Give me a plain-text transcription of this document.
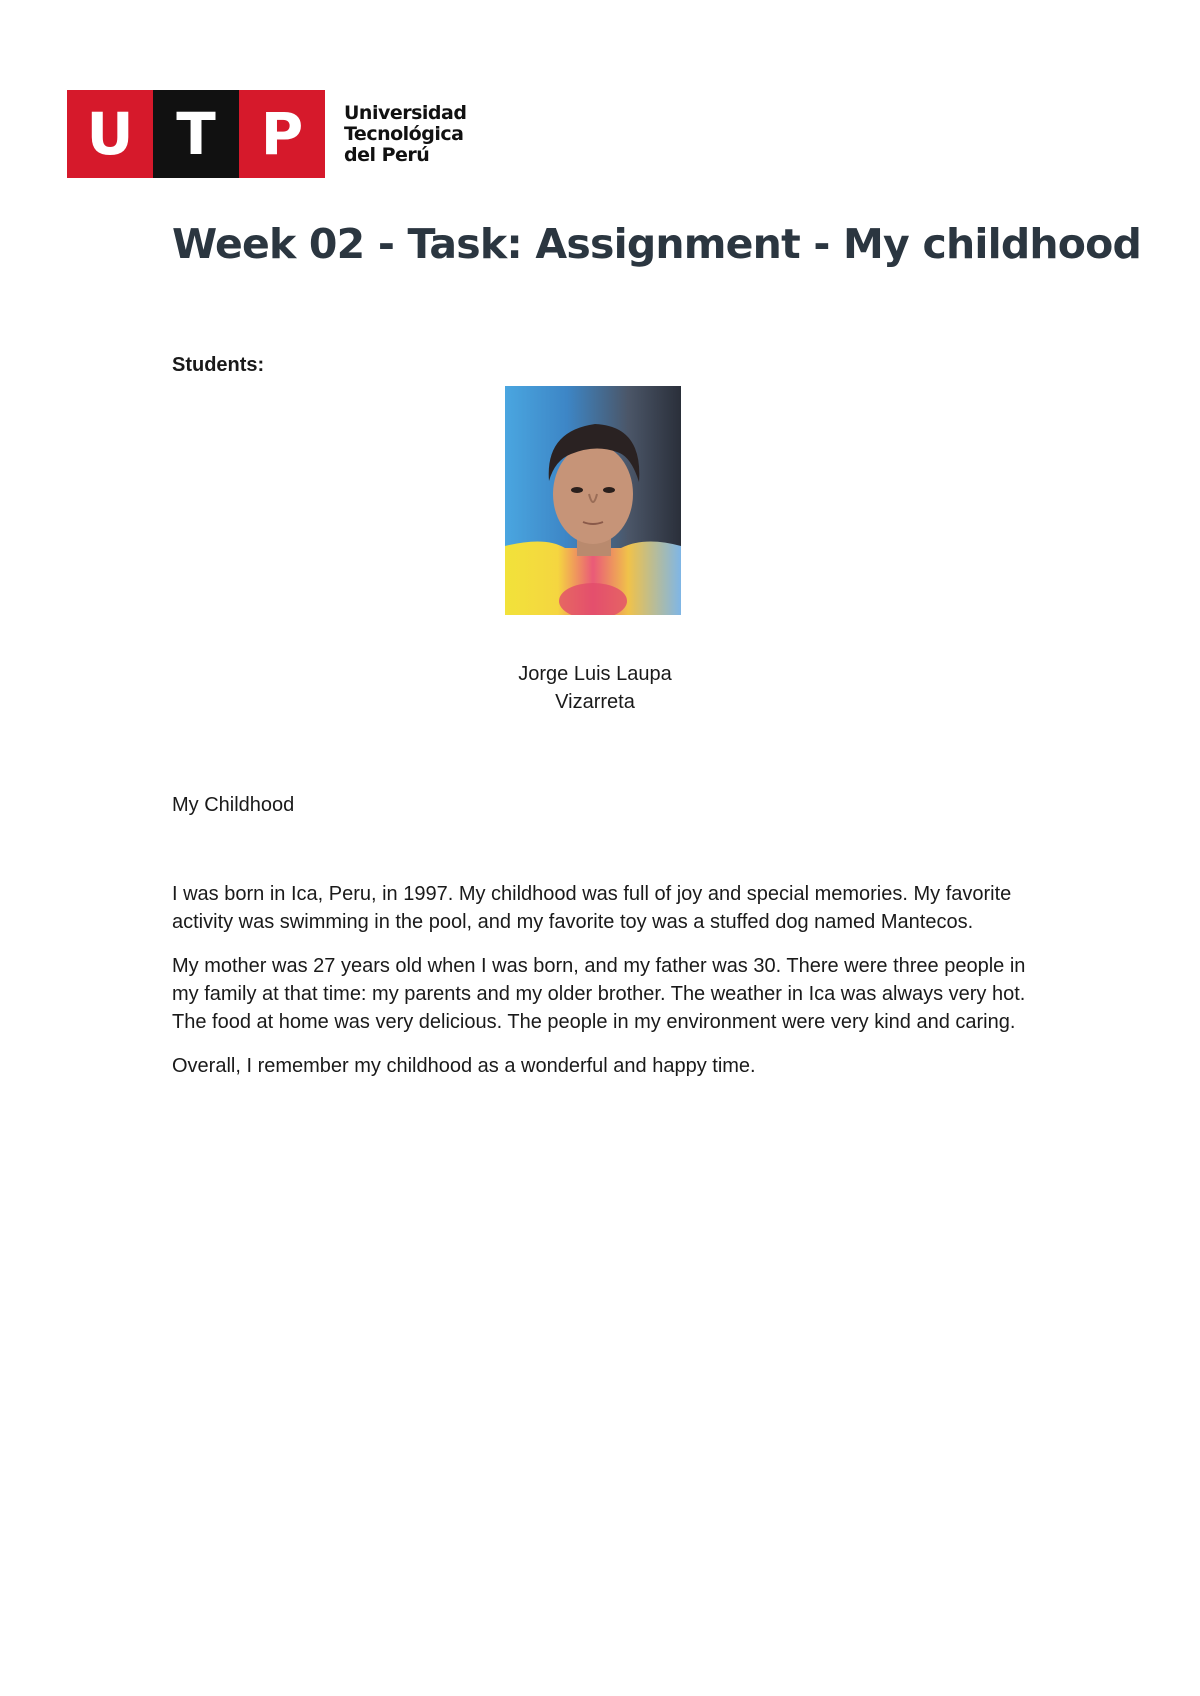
U T P	Universidad
Tecnológica
del Perú
Week 02 - Task: Assignment - My childhood
Students:
Jorge Luis Laupa
Vizarreta
My Childhood

I was born in Ica, Peru, in 1997. My childhood was full of joy and special memories. My favorite activity was swimming in the pool, and my favorite toy was a stuffed dog named Mantecos.

My mother was 27 years old when I was born, and my father was 30. There were three people in my family at that time: my parents and my older brother. The weather in Ica was always very hot. The food at home was very delicious. The people in my environment were very kind and caring.

Overall, I remember my childhood as a wonderful and happy time.
